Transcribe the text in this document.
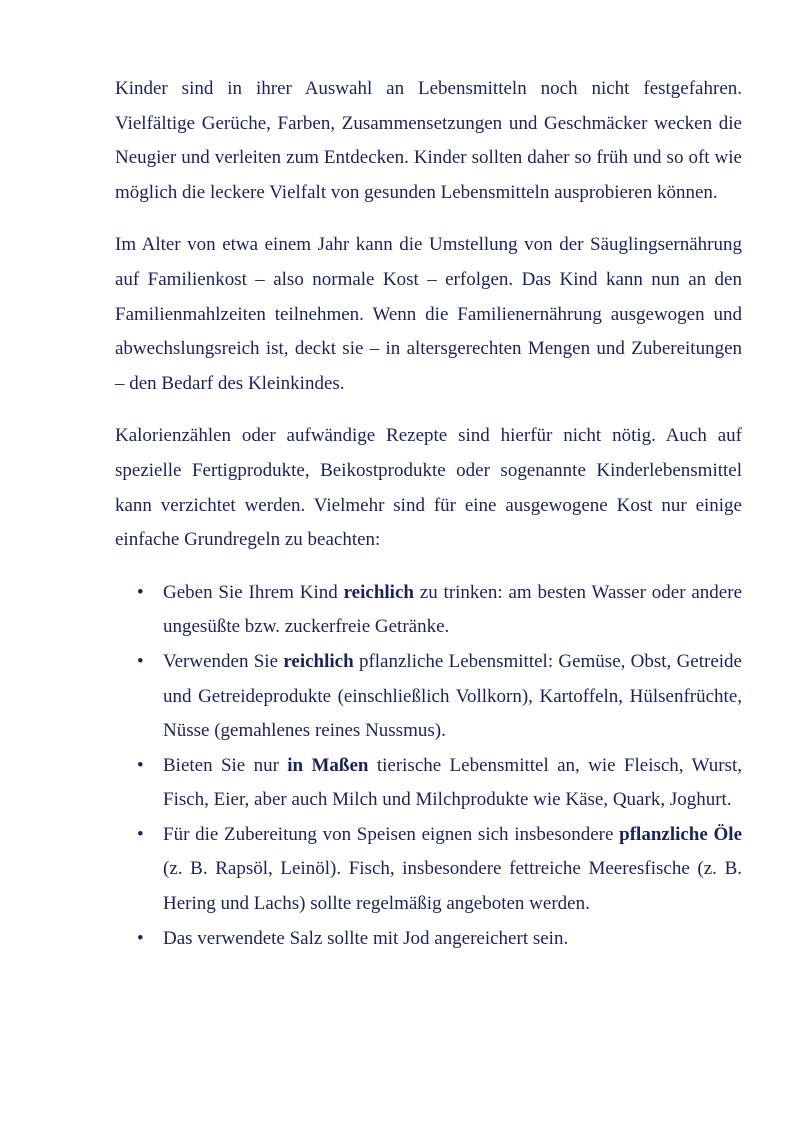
Kinder sind in ihrer Auswahl an Lebensmitteln noch nicht festgefahren. Vielfältige Gerüche, Farben, Zusammensetzungen und Geschmäcker wecken die Neugier und verleiten zum Entdecken. Kinder sollten daher so früh und so oft wie möglich die leckere Vielfalt von gesunden Lebensmitteln ausprobieren können.

Im Alter von etwa einem Jahr kann die Umstellung von der Säuglingsernährung auf Familienkost – also normale Kost – erfolgen. Das Kind kann nun an den Familienmahlzeiten teilnehmen. Wenn die Familienernährung ausgewogen und abwechslungsreich ist, deckt sie – in altersgerechten Mengen und Zubereitungen – den Bedarf des Kleinkindes.

Kalorienzählen oder aufwändige Rezepte sind hierfür nicht nötig. Auch auf spezielle Fertigprodukte, Beikostprodukte oder sogenannte Kinderlebensmittel kann verzichtet werden. Vielmehr sind für eine ausgewogene Kost nur einige einfache Grundregeln zu beachten:

• Geben Sie Ihrem Kind reichlich zu trinken: am besten Wasser oder andere ungesüßte bzw. zuckerfreie Getränke.
• Verwenden Sie reichlich pflanzliche Lebensmittel: Gemüse, Obst, Getreide und Getreideprodukte (einschließlich Vollkorn), Kartoffeln, Hülsenfrüchte, Nüsse (gemahlenes reines Nussmus).
• Bieten Sie nur in Maßen tierische Lebensmittel an, wie Fleisch, Wurst, Fisch, Eier, aber auch Milch und Milchprodukte wie Käse, Quark, Joghurt.
• Für die Zubereitung von Speisen eignen sich insbesondere pflanzliche Öle (z. B. Rapsöl, Leinöl). Fisch, insbesondere fettreiche Meeresfische (z. B. Hering und Lachs) sollte regelmäßig angeboten werden.
• Das verwendete Salz sollte mit Jod angereichert sein.
